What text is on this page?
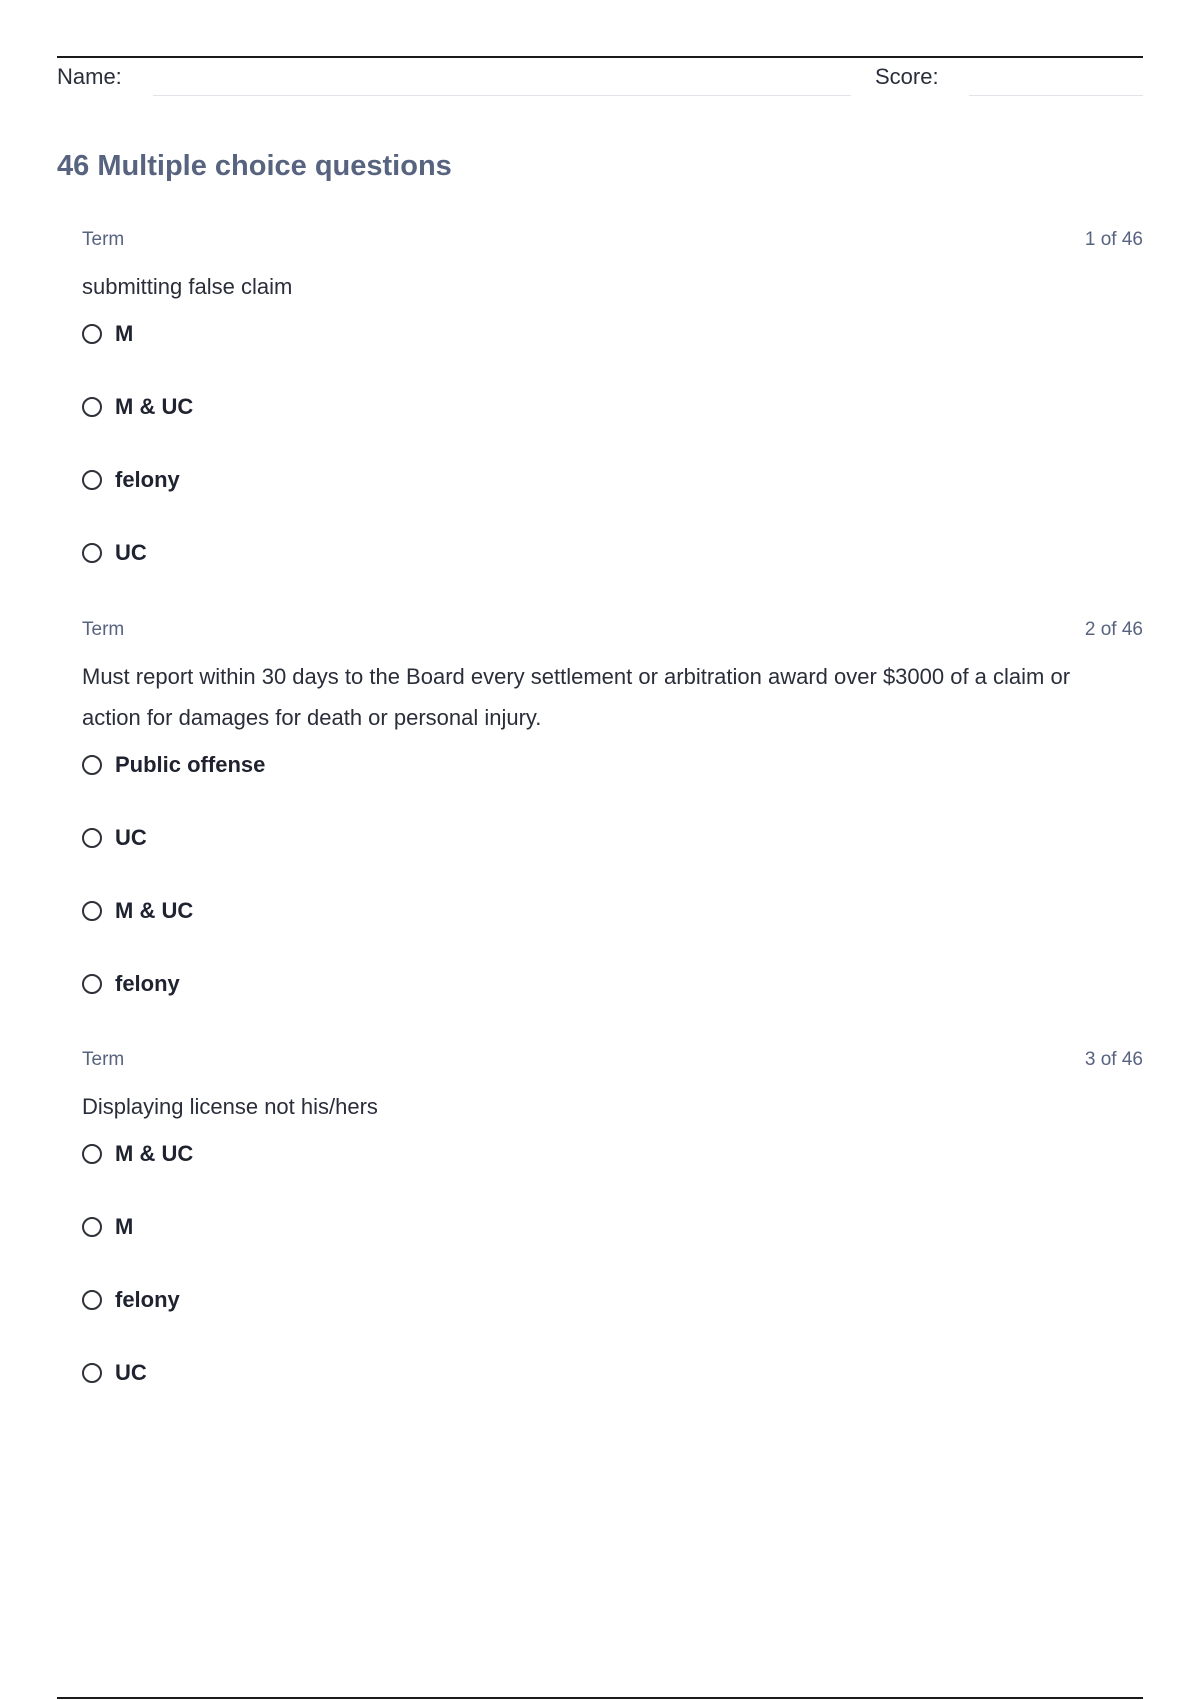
Name:	Score:
46 Multiple choice questions
Term	1 of 46
submitting false claim
M
M & UC
felony
UC
Term	2 of 46
Must report within 30 days to the Board every settlement or arbitration award over $3000 of a claim or action for damages for death or personal injury.
Public offense
UC
M & UC
felony
Term	3 of 46
Displaying license not his/hers
M & UC
M
felony
UC
